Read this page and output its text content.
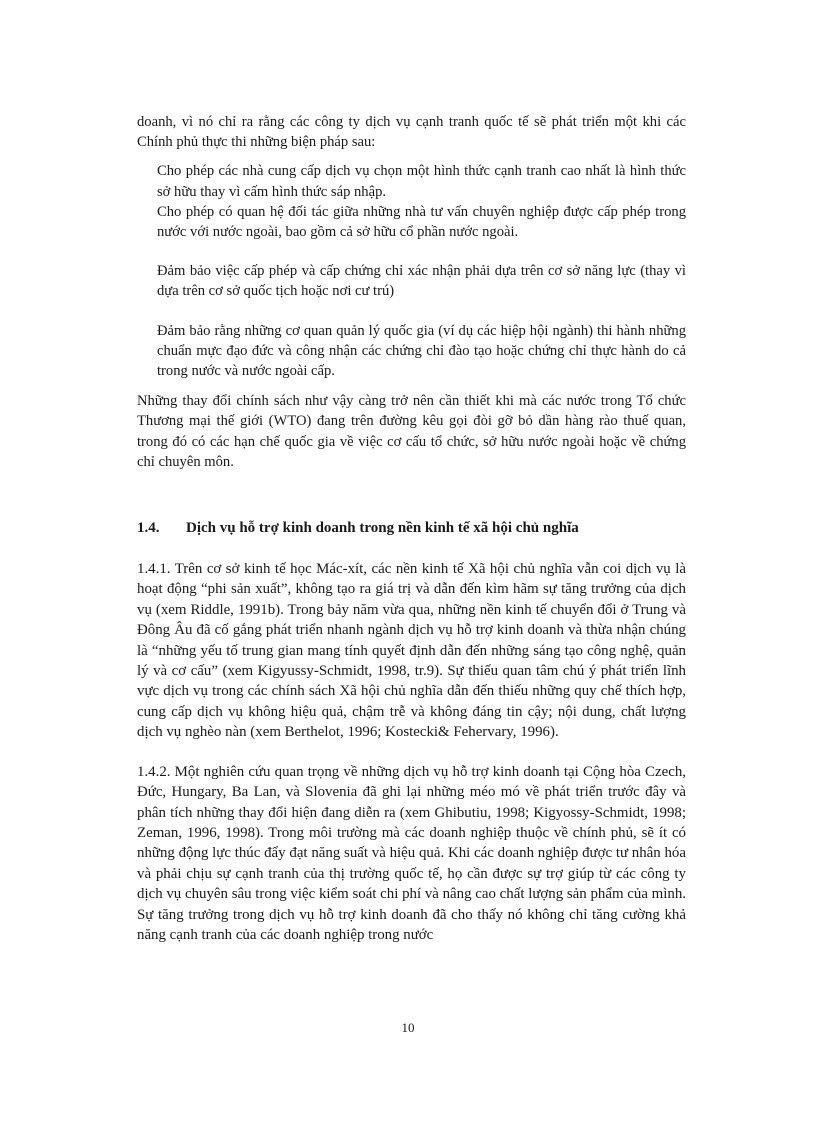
doanh, vì nó chỉ ra rằng các công ty dịch vụ cạnh tranh quốc tế sẽ phát triển một khi các Chính phủ thực thi những biện pháp sau:

Cho phép các nhà cung cấp dịch vụ chọn một hình thức cạnh tranh cao nhất là hình thức sở hữu thay vì cấm hình thức sáp nhập.

Cho phép có quan hệ đối tác giữa những nhà tư vấn chuyên nghiệp được cấp phép trong nước với nước ngoài, bao gồm cả sở hữu cổ phần nước ngoài.

Đảm bảo việc cấp phép và cấp chứng chỉ xác nhận phải dựa trên cơ sở năng lực (thay vì dựa trên cơ sở quốc tịch hoặc nơi cư trú)

Đảm bảo rằng những cơ quan quản lý quốc gia (ví dụ các hiệp hội ngành) thi hành những chuẩn mực đạo đức và công nhận các chứng chỉ đào tạo hoặc chứng chỉ thực hành do cả trong nước và nước ngoài cấp.

Những thay đổi chính sách như vậy càng trở nên cần thiết khi mà các nước trong Tổ chức Thương mại thế giới (WTO) đang trên đường kêu gọi đòi gỡ bỏ dần hàng rào thuế quan, trong đó có các hạn chế quốc gia về việc cơ cấu tổ chức, sở hữu nước ngoài hoặc về chứng chỉ chuyên môn.

1.4.	Dịch vụ hỗ trợ kinh doanh trong nền kinh tế xã hội chủ nghĩa

1.4.1. Trên cơ sở kinh tế học Mác-xít, các nền kinh tế Xã hội chủ nghĩa vẫn coi dịch vụ là hoạt động “phi sản xuất”, không tạo ra giá trị và dẫn đến kìm hãm sự tăng trưởng của dịch vụ (xem Riddle, 1991b). Trong bảy năm vừa qua, những nền kinh tế chuyển đổi ở Trung và Đông Âu đã cố gắng phát triển nhanh ngành dịch vụ hỗ trợ kinh doanh và thừa nhận chúng là “những yếu tố trung gian mang tính quyết định dẫn đến những sáng tạo công nghệ, quản lý và cơ cấu” (xem Kigyussy-Schmidt, 1998, tr.9). Sự thiếu quan tâm chú ý phát triển lĩnh vực dịch vụ trong các chính sách Xã hội chủ nghĩa dẫn đến thiếu những quy chế thích hợp, cung cấp dịch vụ không hiệu quả, chậm trễ và không đáng tin cậy; nội dung, chất lượng dịch vụ nghèo nàn (xem Berthelot, 1996; Kostecki& Fehervary, 1996).

1.4.2. Một nghiên cứu quan trọng về những dịch vụ hỗ trợ kinh doanh tại Cộng hòa Czech, Đức, Hungary, Ba Lan, và Slovenia đã ghi lại những méo mó về phát triển trước đây và phân tích những thay đổi hiện đang diễn ra (xem Ghibutiu, 1998; Kigyossy-Schmidt, 1998; Zeman, 1996, 1998). Trong môi trường mà các doanh nghiệp thuộc về chính phủ, sẽ ít có những động lực thúc đẩy đạt năng suất và hiệu quả. Khi các doanh nghiệp được tư nhân hóa và phải chịu sự cạnh tranh của thị trường quốc tế, họ cần được sự trợ giúp từ các công ty dịch vụ chuyên sâu trong việc kiểm soát chi phí và nâng cao chất lượng sản phẩm của mình. Sự tăng trưởng trong dịch vụ hỗ trợ kinh doanh đã cho thấy nó không chỉ tăng cường khả năng cạnh tranh của các doanh nghiệp trong nước

10
